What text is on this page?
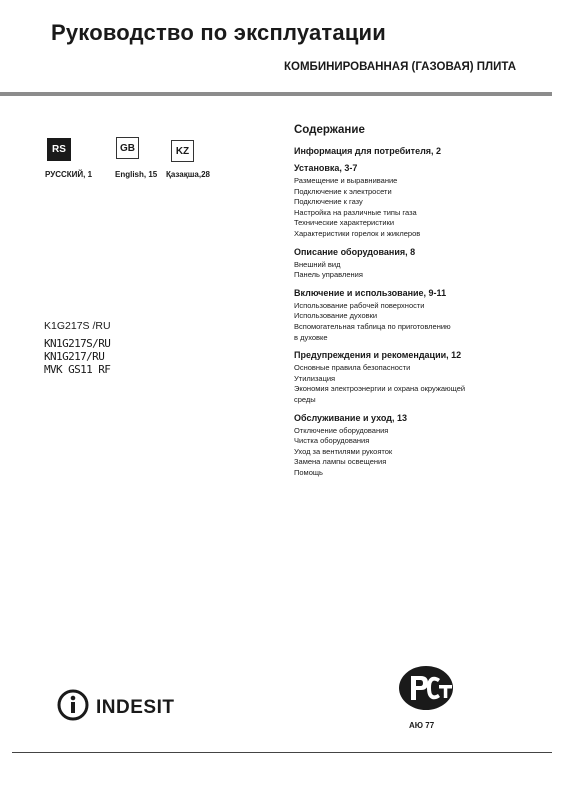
Руководство по эксплуатации
КОМБИНИРОВАННАЯ (ГАЗОВАЯ) ПЛИТА
RS	GB	KZ
РУССКИЙ, 1	English, 15 Қазақша,28
K1G217S /RU
KN1G217S/RU
KN1G217/RU
MVK GS11 RF
Содержание
Информация для потребителя, 2
Установка, 3-7
Размещение и выравнивание
Подключение к электросети
Подключение к газу
Настройка на различные типы газа
Технические характеристики
Характеристики горелок и жиклеров
Описание оборудования, 8
Внешний вид
Панель управления
Включение и использование, 9-11
Использование рабочей поверхности
Использование духовки
Вспомогательная таблица по приготовлению
в духовке
Предупреждения и рекомендации, 12
Основные правила безопасности
Утилизация
Экономия электроэнергии и охрана окружающей
среды
Обслуживание и уход, 13
Отключение оборудования
Чистка оборудования
Уход за вентилями рукояток
Замена лампы освещения
Помощь
INDESIT
АЮ 77
